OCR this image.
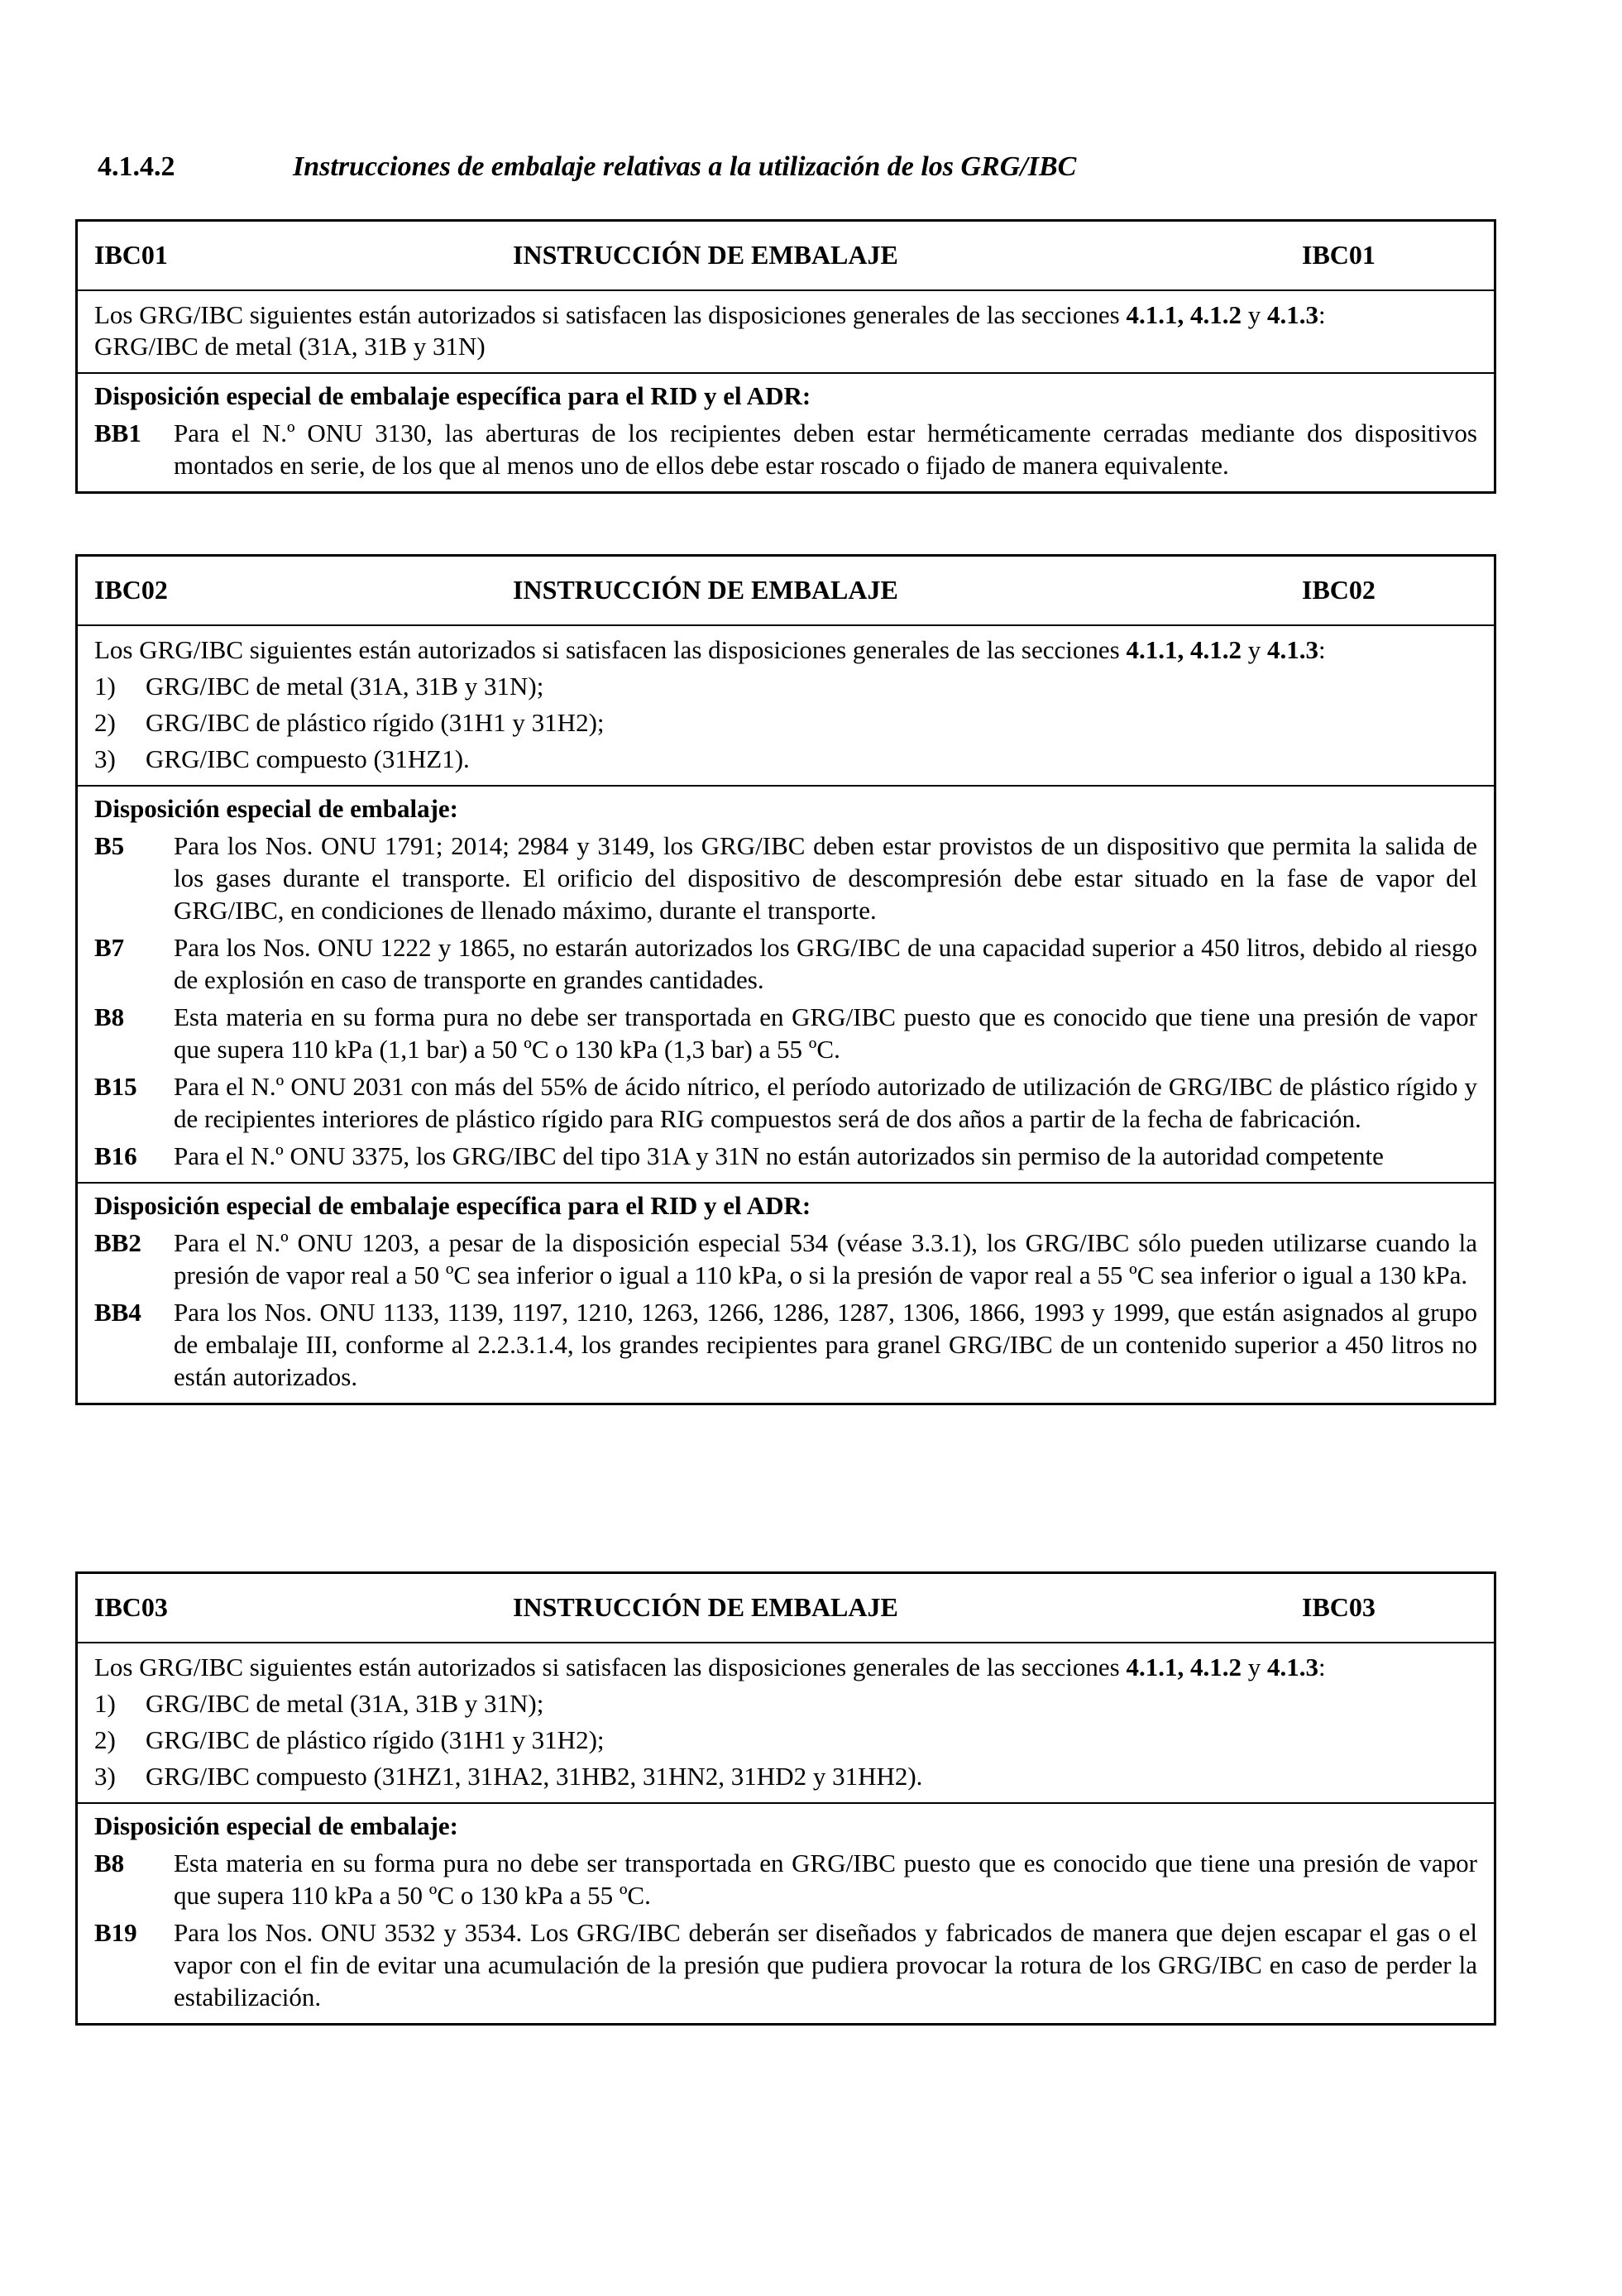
4.1.4.2	Instrucciones de embalaje relativas a la utilización de los GRG/IBC
IBC01	INSTRUCCIÓN DE EMBALAJE	IBC01
Los GRG/IBC siguientes están autorizados si satisfacen las disposiciones generales de las secciones 4.1.1, 4.1.2 y 4.1.3:
GRG/IBC de metal (31A, 31B y 31N)
Disposición especial de embalaje específica para el RID y el ADR:
BB1	Para el N.º ONU 3130, las aberturas de los recipientes deben estar herméticamente cerradas mediante dos dispositivos montados en serie, de los que al menos uno de ellos debe estar roscado o fijado de manera equivalente.
IBC02	INSTRUCCIÓN DE EMBALAJE	IBC02
Los GRG/IBC siguientes están autorizados si satisfacen las disposiciones generales de las secciones 4.1.1, 4.1.2 y 4.1.3:
1)	GRG/IBC de metal (31A, 31B y 31N);
2)	GRG/IBC de plástico rígido (31H1 y 31H2);
3)	GRG/IBC compuesto (31HZ1).
Disposición especial de embalaje:
B5	Para los Nos. ONU 1791; 2014; 2984 y 3149, los GRG/IBC deben estar provistos de un dispositivo que permita la salida de los gases durante el transporte. El orificio del dispositivo de descompresión debe estar situado en la fase de vapor del GRG/IBC, en condiciones de llenado máximo, durante el transporte.
B7	Para los Nos. ONU 1222 y 1865, no estarán autorizados los GRG/IBC de una capacidad superior a 450 litros, debido al riesgo de explosión en caso de transporte en grandes cantidades.
B8	Esta materia en su forma pura no debe ser transportada en GRG/IBC puesto que es conocido que tiene una presión de vapor que supera 110 kPa (1,1 bar) a 50 ºC o 130 kPa (1,3 bar) a 55 ºC.
B15	Para el N.º ONU 2031 con más del 55% de ácido nítrico, el período autorizado de utilización de GRG/IBC de plástico rígido y de recipientes interiores de plástico rígido para RIG compuestos será de dos años a partir de la fecha de fabricación.
B16	Para el N.º ONU 3375, los GRG/IBC del tipo 31A y 31N no están autorizados sin permiso de la autoridad competente
Disposición especial de embalaje específica para el RID y el ADR:
BB2	Para el N.º ONU 1203, a pesar de la disposición especial 534 (véase 3.3.1), los GRG/IBC sólo pueden utilizarse cuando la presión de vapor real a 50 ºC sea inferior o igual a 110 kPa, o si la presión de vapor real a 55 ºC sea inferior o igual a 130 kPa.
BB4	Para los Nos. ONU 1133, 1139, 1197, 1210, 1263, 1266, 1286, 1287, 1306, 1866, 1993 y 1999, que están asignados al grupo de embalaje III, conforme al 2.2.3.1.4, los grandes recipientes para granel GRG/IBC de un contenido superior a 450 litros no están autorizados.
IBC03	INSTRUCCIÓN DE EMBALAJE	IBC03
Los GRG/IBC siguientes están autorizados si satisfacen las disposiciones generales de las secciones 4.1.1, 4.1.2 y 4.1.3:
1)	GRG/IBC de metal (31A, 31B y 31N);
2)	GRG/IBC de plástico rígido (31H1 y 31H2);
3)	GRG/IBC compuesto (31HZ1, 31HA2, 31HB2, 31HN2, 31HD2 y 31HH2).
Disposición especial de embalaje:
B8	Esta materia en su forma pura no debe ser transportada en GRG/IBC puesto que es conocido que tiene una presión de vapor que supera 110 kPa a 50 ºC o 130 kPa a 55 ºC.
B19	Para los Nos. ONU 3532 y 3534. Los GRG/IBC deberán ser diseñados y fabricados de manera que dejen escapar el gas o el vapor con el fin de evitar una acumulación de la presión que pudiera provocar la rotura de los GRG/IBC en caso de perder la estabilización.
